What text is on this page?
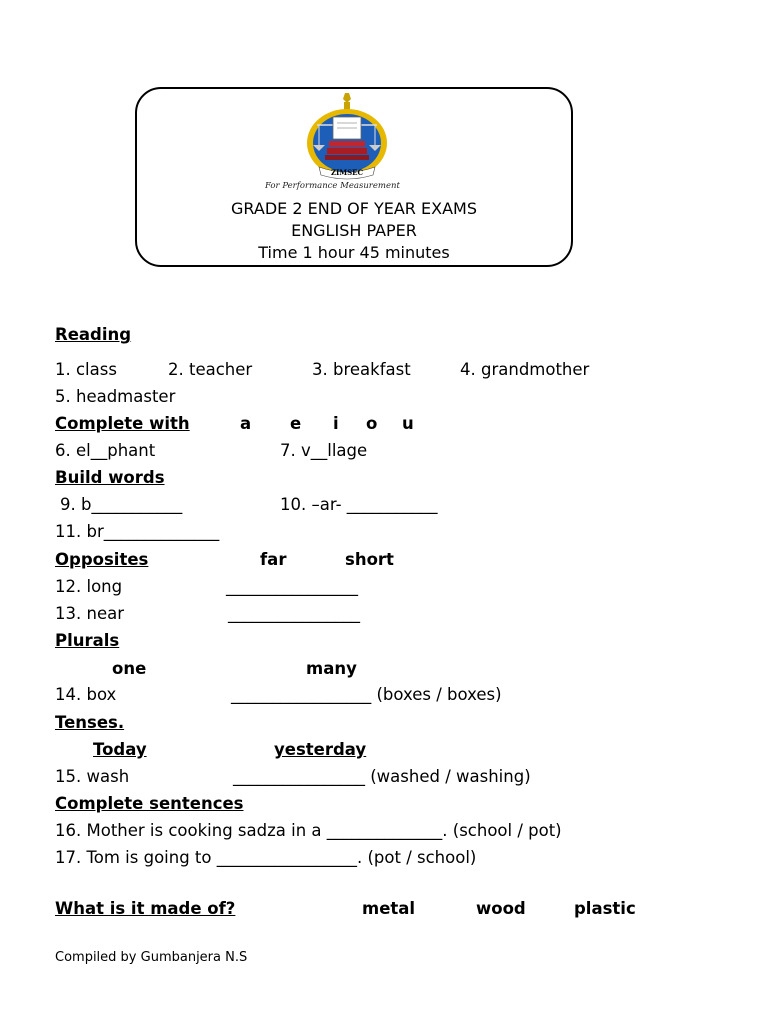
ZIMSEC
For Performance Measurement
GRADE 2 END OF YEAR EXAMS
ENGLISH PAPER
Time 1 hour 45 minutes
Reading
1. class	2. teacher	3. breakfast	4. grandmother
5. headmaster
Complete with	a e i o u
6. el__phant	7. v__llage
Build words
9. b___________	10. –ar- ___________
11. br______________
Opposites	far	short
12. long	________________
13. near	________________
Plurals
one	many
14. box	_________________ (boxes / boxes)
Tenses.
Today	yesterday
15. wash	________________ (washed / washing)
Complete sentences
16. Mother is cooking sadza in a ______________. (school / pot)
17. Tom is going to _________________. (pot / school)
What is it made of?	metal	wood	plastic
Compiled by Gumbanjera N.S
